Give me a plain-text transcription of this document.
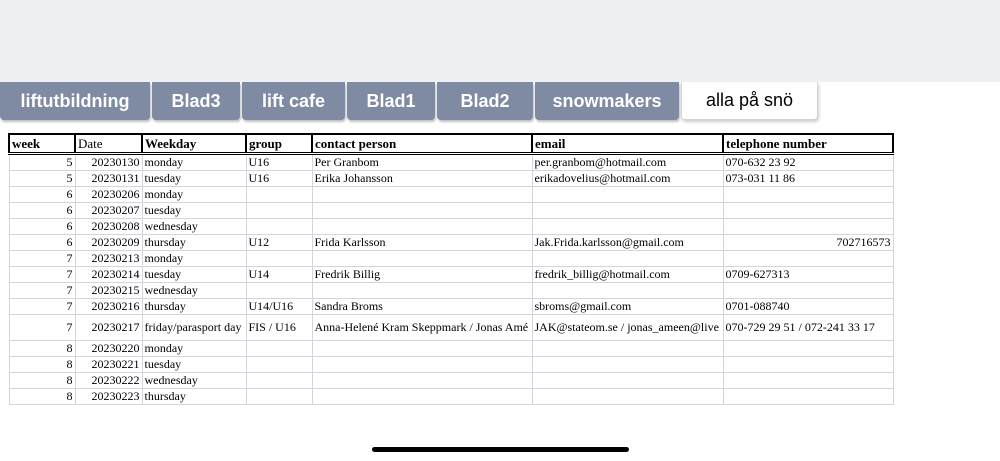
liftutbildning	Blad3	lift cafe	Blad1	Blad2	snowmakers	alla på snö
week	Date	Weekday	group	contact person	email	telephone number
5	20230130	monday	U16	Per Granbom	per.granbom@hotmail.com	070-632 23 92
5	20230131	tuesday	U16	Erika Johansson	erikadovelius@hotmail.com	073-031 11 86
6	20230206	monday				
6	20230207	tuesday				
6	20230208	wednesday				
6	20230209	thursday	U12	Frida Karlsson	Jak.Frida.karlsson@gmail.com	702716573
7	20230213	monday				
7	20230214	tuesday	U14	Fredrik Billig	fredrik_billig@hotmail.com	0709-627313
7	20230215	wednesday				
7	20230216	thursday	U14/U16	Sandra Broms	sbroms@gmail.com	0701-088740
7	20230217	friday/parasport day	FIS / U16	Anna-Helené Kram Skeppmark / Jonas Amé	JAK@stateom.se / jonas_ameen@live	070-729 29 51 / 072-241 33 17
8	20230220	monday				
8	20230221	tuesday				
8	20230222	wednesday				
8	20230223	thursday				
